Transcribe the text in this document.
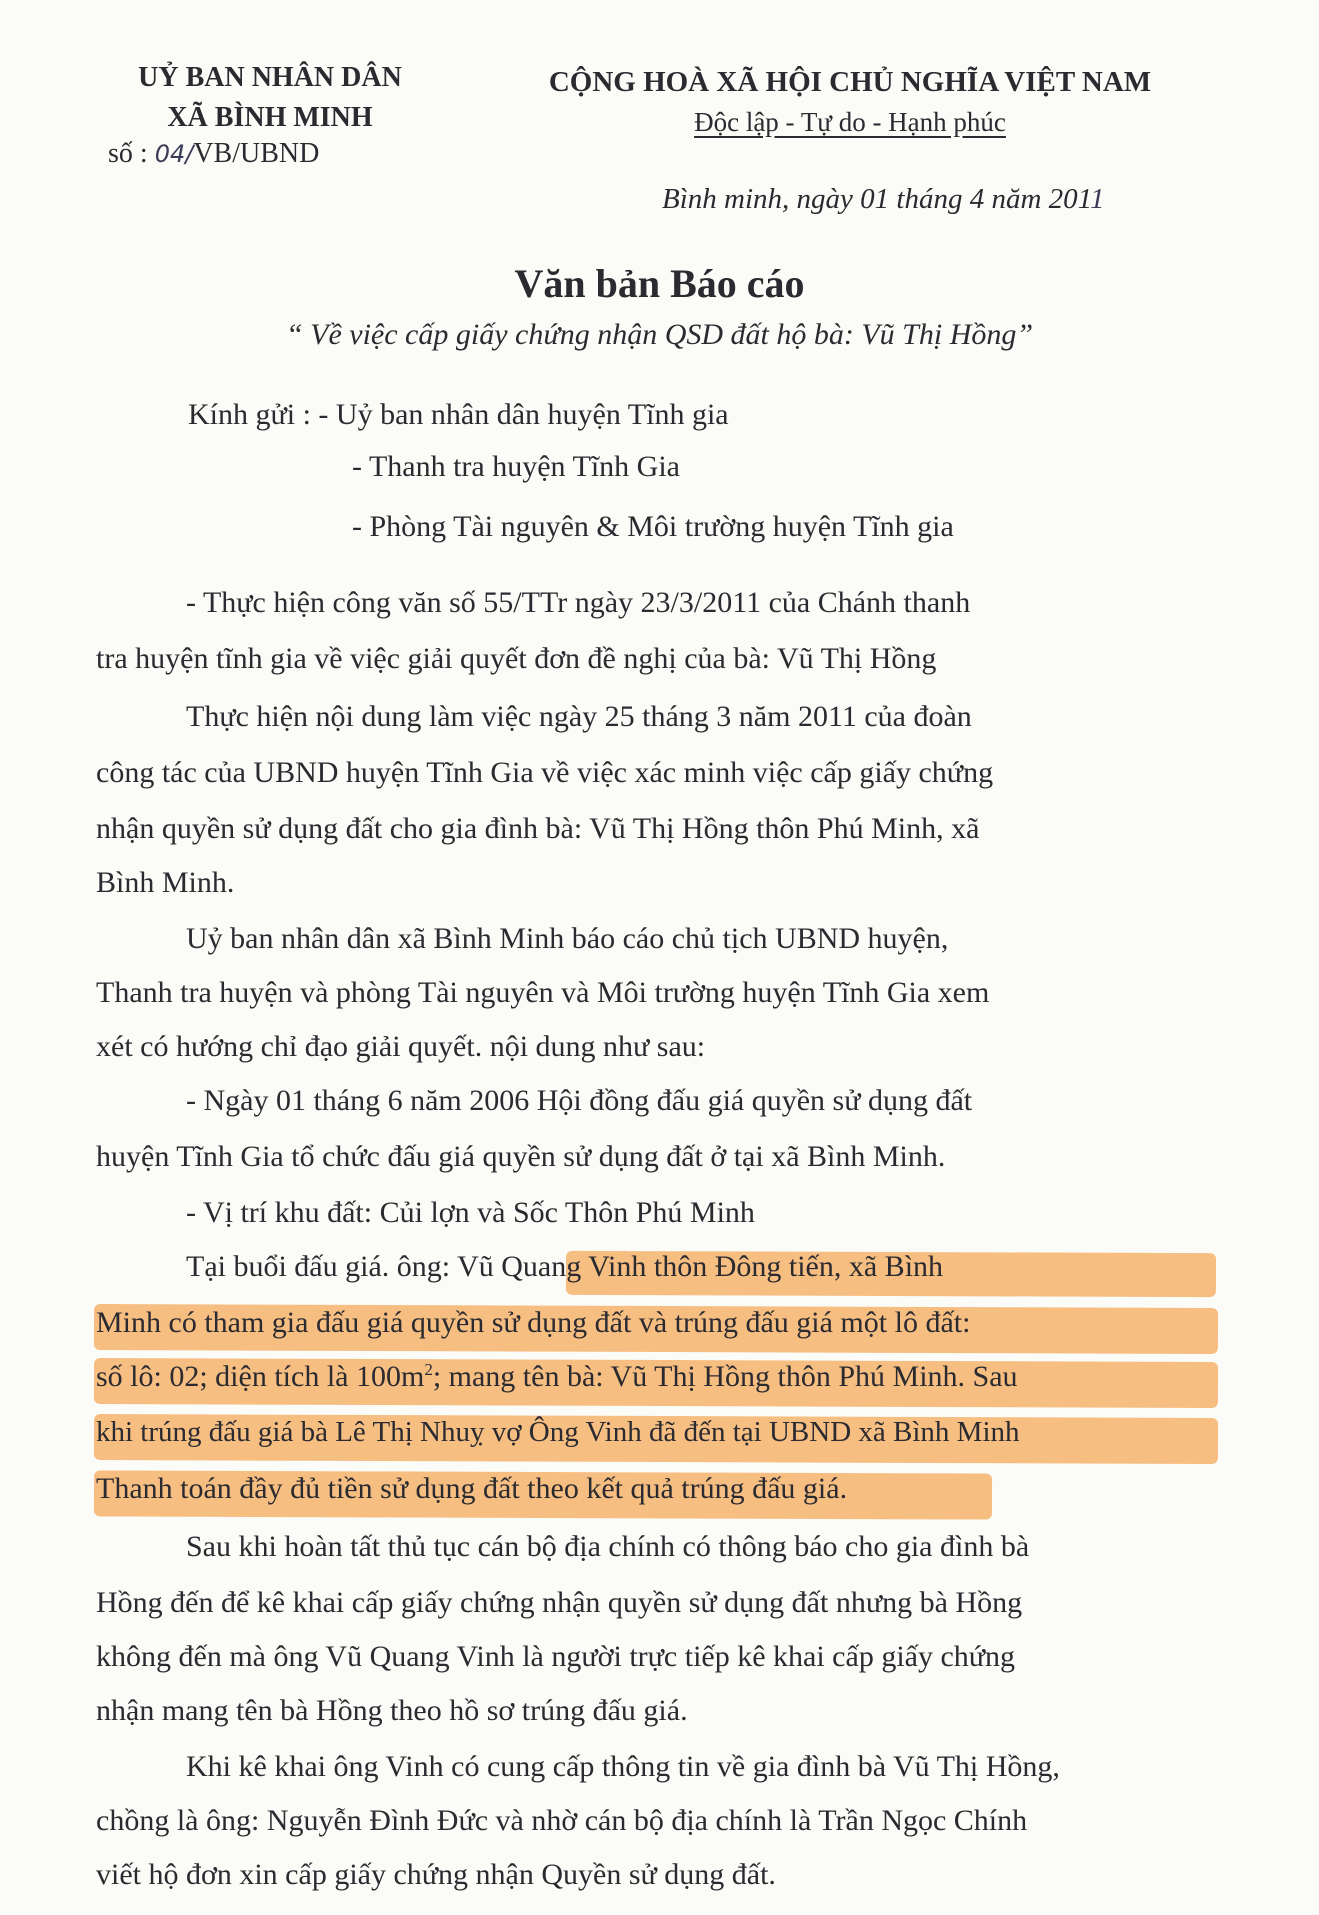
UỶ BAN NHÂN DÂN
XÃ BÌNH MINH
số : 04/VB/UBND
CỘNG HOÀ XÃ HỘI CHỦ NGHĨA VIỆT NAM
Độc lập - Tự do - Hạnh phúc
Bình minh, ngày 01 tháng 4 năm 2011
Văn bản Báo cáo
“ Về việc cấp giấy chứng nhận QSD đất hộ bà: Vũ Thị Hồng”
Kính gửi : - Uỷ ban nhân dân huyện Tĩnh gia
- Thanh tra huyện Tĩnh Gia
- Phòng Tài nguyên & Môi trường huyện Tĩnh gia
- Thực hiện công văn số 55/TTr ngày 23/3/2011 của Chánh thanh
tra huyện tĩnh gia về việc giải quyết đơn đề nghị của bà: Vũ Thị Hồng
Thực hiện nội dung làm việc ngày 25 tháng 3 năm 2011 của đoàn
công tác của UBND huyện Tĩnh Gia về việc xác minh việc cấp giấy chứng
nhận quyền sử dụng đất cho gia đình bà: Vũ Thị Hồng thôn Phú Minh, xã
Bình Minh.
Uỷ ban nhân dân xã Bình Minh báo cáo chủ tịch UBND huyện,
Thanh tra huyện và phòng Tài nguyên và Môi trường huyện Tĩnh Gia xem
xét có hướng chỉ đạo giải quyết. nội dung như sau:
- Ngày 01 tháng 6 năm 2006 Hội đồng đấu giá quyền sử dụng đất
huyện Tĩnh Gia tổ chức đấu giá quyền sử dụng đất ở tại xã Bình Minh.
- Vị trí khu đất: Củi lợn và Sốc Thôn Phú Minh
Tại buổi đấu giá. ông: Vũ Quang Vinh thôn Đông tiến, xã Bình
Minh có tham gia đấu giá quyền sử dụng đất và trúng đấu giá một lô đất:
số lô: 02; diện tích là $100m^2$; mang tên bà: Vũ Thị Hồng thôn Phú Minh. Sau
khi trúng đấu giá bà Lê Thị Nhuỵ vợ Ông Vinh đã đến tại UBND xã Bình Minh
Thanh toán đầy đủ tiền sử dụng đất theo kết quả trúng đấu giá.
Sau khi hoàn tất thủ tục cán bộ địa chính có thông báo cho gia đình bà
Hồng đến để kê khai cấp giấy chứng nhận quyền sử dụng đất nhưng bà Hồng
không đến mà ông Vũ Quang Vinh là người trực tiếp kê khai cấp giấy chứng
nhận mang tên bà Hồng theo hồ sơ trúng đấu giá.
Khi kê khai ông Vinh có cung cấp thông tin về gia đình bà Vũ Thị Hồng,
chồng là ông: Nguyễn Đình Đức và nhờ cán bộ địa chính là Trần Ngọc Chính
viết hộ đơn xin cấp giấy chứng nhận Quyền sử dụng đất.
